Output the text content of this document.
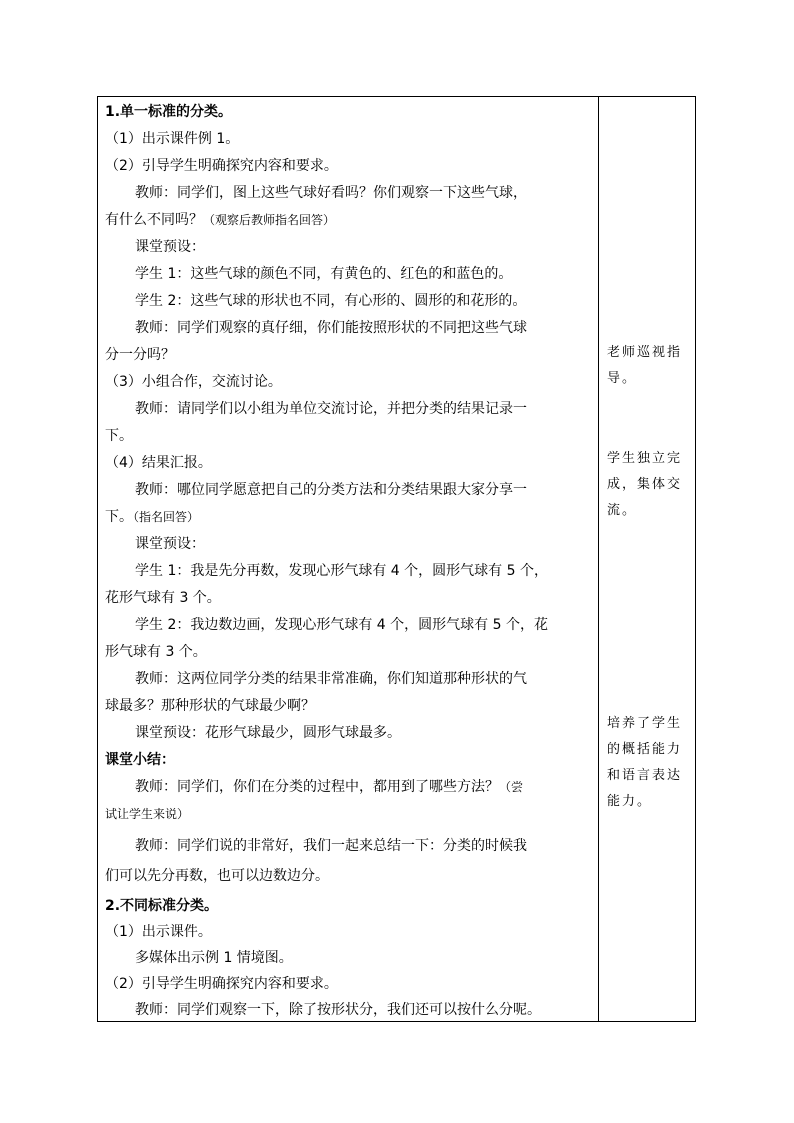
1.单一标准的分类。
（1）出示课件例 1。
（2）引导学生明确探究内容和要求。
教师：同学们，图上这些气球好看吗？你们观察一下这些气球，
有什么不同吗？（观察后教师指名回答）
课堂预设：
学生 1：这些气球的颜色不同，有黄色的、红色的和蓝色的。
学生 2：这些气球的形状也不同，有心形的、圆形的和花形的。
教师：同学们观察的真仔细，你们能按照形状的不同把这些气球
分一分吗？
（3）小组合作，交流讨论。
教师：请同学们以小组为单位交流讨论，并把分类的结果记录一
下。
（4）结果汇报。
教师：哪位同学愿意把自己的分类方法和分类结果跟大家分享一
下。（指名回答）
课堂预设：
学生 1：我是先分再数，发现心形气球有 4 个，圆形气球有 5 个，
花形气球有 3 个。
学生 2：我边数边画，发现心形气球有 4 个，圆形气球有 5 个，花
形气球有 3 个。
教师：这两位同学分类的结果非常准确，你们知道那种形状的气
球最多？那种形状的气球最少啊？
课堂预设：花形气球最少，圆形气球最多。
课堂小结：
教师：同学们，你们在分类的过程中，都用到了哪些方法？（尝
试让学生来说）
教师：同学们说的非常好，我们一起来总结一下：分类的时候我
们可以先分再数，也可以边数边分。
2.不同标准分类。
（1）出示课件。
多媒体出示例 1 情境图。
（2）引导学生明确探究内容和要求。
教师：同学们观察一下，除了按形状分，我们还可以按什么分呢。
老师巡视指导。
学生独立完成，集体交流。
培养了学生的概括能力和语言表达能力。
